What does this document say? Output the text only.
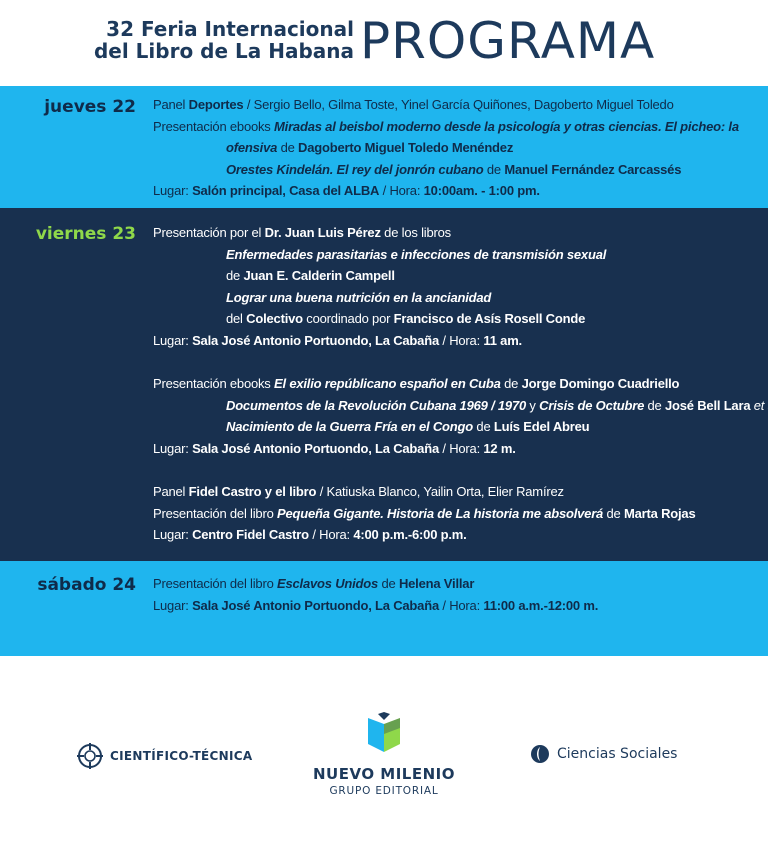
32 Feria Internacional
del Libro de La Habana PROGRAMA
jueves 22 Panel Deportes / Sergio Bello, Gilma Toste, Yinel García Quiñones, Dagoberto Miguel Toledo
Presentación ebooks Miradas al beisbol moderno desde la psicología y otras ciencias. El picheo: la
ofensiva de Dagoberto Miguel Toledo Menéndez
Orestes Kindelán. El rey del jonrón cubano de Manuel Fernández Carcassés
Lugar: Salón principal, Casa del ALBA / Hora: 10:00am. - 1:00 pm.
viernes 23 Presentación por el Dr. Juan Luis Pérez de los libros
Enfermedades parasitarias e infecciones de transmisión sexual
de Juan E. Calderin Campell
Lograr una buena nutrición en la ancianidad
del Colectivo coordinado por Francisco de Asís Rosell Conde
Lugar: Sala José Antonio Portuondo, La Cabaña / Hora: 11 am.
Presentación ebooks El exilio repúblicano español en Cuba de Jorge Domingo Cuadriello
Documentos de la Revolución Cubana 1969 / 1970 y Crisis de Octubre de José Bell Lara et al
Nacimiento de la Guerra Fría en el Congo de Luís Edel Abreu
Lugar: Sala José Antonio Portuondo, La Cabaña / Hora: 12 m.
Panel Fidel Castro y el libro / Katiuska Blanco, Yailin Orta, Elier Ramírez
Presentación del libro Pequeña Gigante. Historia de La historia me absolverá de Marta Rojas
Lugar: Centro Fidel Castro / Hora: 4:00 p.m.-6:00 p.m.
sábado 24 Presentación del libro Esclavos Unidos de Helena Villar
Lugar: Sala José Antonio Portuondo, La Cabaña / Hora: 11:00 a.m.-12:00 m.
CIENTÍFICO-TÉCNICA
NUEVO MILENIO
GRUPO EDITORIAL
Ciencias Sociales
